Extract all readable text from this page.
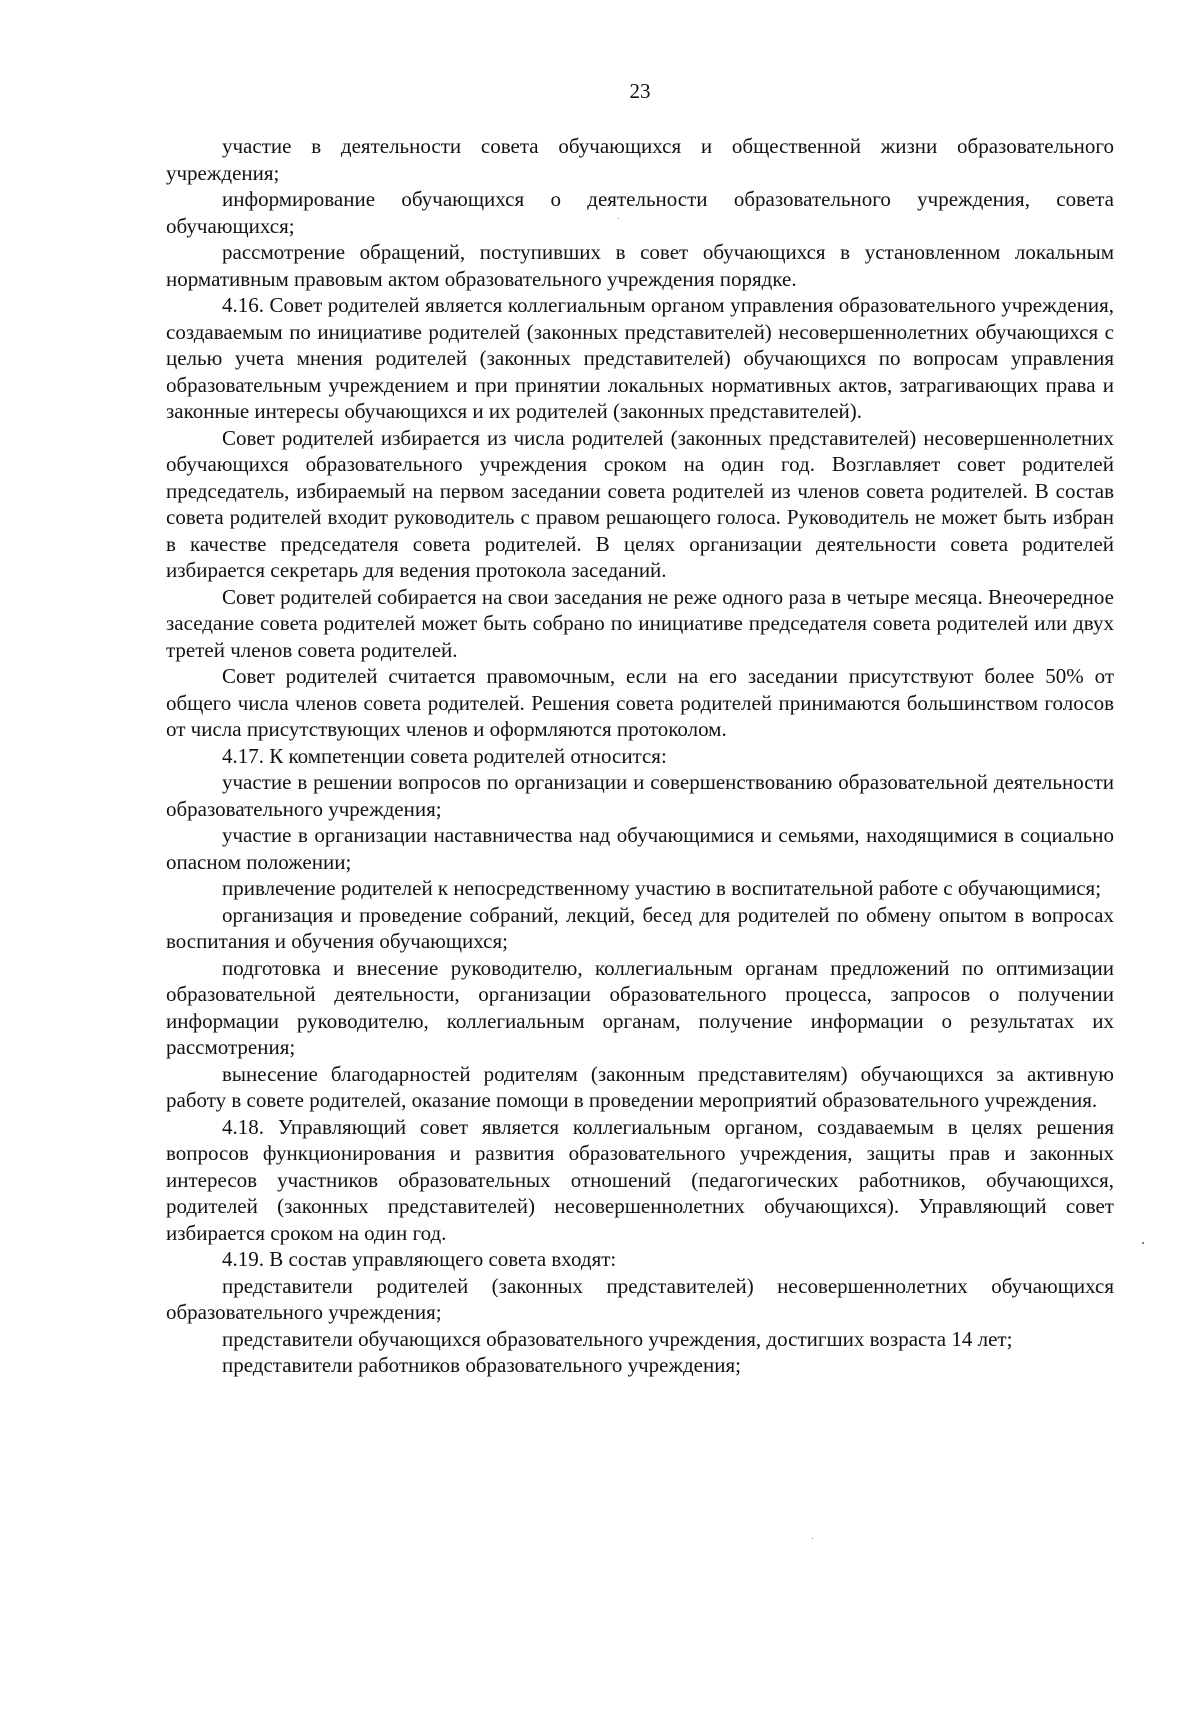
23

участие в деятельности совета обучающихся и общественной жизни образовательного учреждения;

информирование обучающихся о деятельности образовательного учреждения, совета обучающихся;

рассмотрение обращений, поступивших в совет обучающихся в установленном локальным нормативным правовым актом образовательного учреждения порядке.

4.16. Совет родителей является коллегиальным органом управления образовательного учреждения, создаваемым по инициативе родителей (законных представителей) несовершеннолетних обучающихся с целью учета мнения родителей (законных представителей) обучающихся по вопросам управления образовательным учреждением и при принятии локальных нормативных актов, затрагивающих права и законные интересы обучающихся и их родителей (законных представителей).

Совет родителей избирается из числа родителей (законных представителей) несовершеннолетних обучающихся образовательного учреждения сроком на один год. Возглавляет совет родителей председатель, избираемый на первом заседании совета родителей из членов совета родителей. В состав совета родителей входит руководитель с правом решающего голоса. Руководитель не может быть избран в качестве председателя совета родителей. В целях организации деятельности совета родителей избирается секретарь для ведения протокола заседаний.

Совет родителей собирается на свои заседания не реже одного раза в четыре месяца. Внеочередное заседание совета родителей может быть собрано по инициативе председателя совета родителей или двух третей членов совета родителей.

Совет родителей считается правомочным, если на его заседании присутствуют более 50% от общего числа членов совета родителей. Решения совета родителей принимаются большинством голосов от числа присутствующих членов и оформляются протоколом.

4.17. К компетенции совета родителей относится:

участие в решении вопросов по организации и совершенствованию образовательной деятельности образовательного учреждения;

участие в организации наставничества над обучающимися и семьями, находящимися в социально опасном положении;

привлечение родителей к непосредственному участию в воспитательной работе с обучающимися;

организация и проведение собраний, лекций, бесед для родителей по обмену опытом в вопросах воспитания и обучения обучающихся;

подготовка и внесение руководителю, коллегиальным органам предложений по оптимизации образовательной деятельности, организации образовательного процесса, запросов о получении информации руководителю, коллегиальным органам, получение информации о результатах их рассмотрения;

вынесение благодарностей родителям (законным представителям) обучающихся за активную работу в совете родителей, оказание помощи в проведении мероприятий образовательного учреждения.

4.18. Управляющий совет является коллегиальным органом, создаваемым в целях решения вопросов функционирования и развития образовательного учреждения, защиты прав и законных интересов участников образовательных отношений (педагогических работников, обучающихся, родителей (законных представителей) несовершеннолетних обучающихся). Управляющий совет избирается сроком на один год.

4.19. В состав управляющего совета входят:

представители родителей (законных представителей) несовершеннолетних обучающихся образовательного учреждения;

представители обучающихся образовательного учреждения, достигших возраста 14 лет;

представители работников образовательного учреждения;
